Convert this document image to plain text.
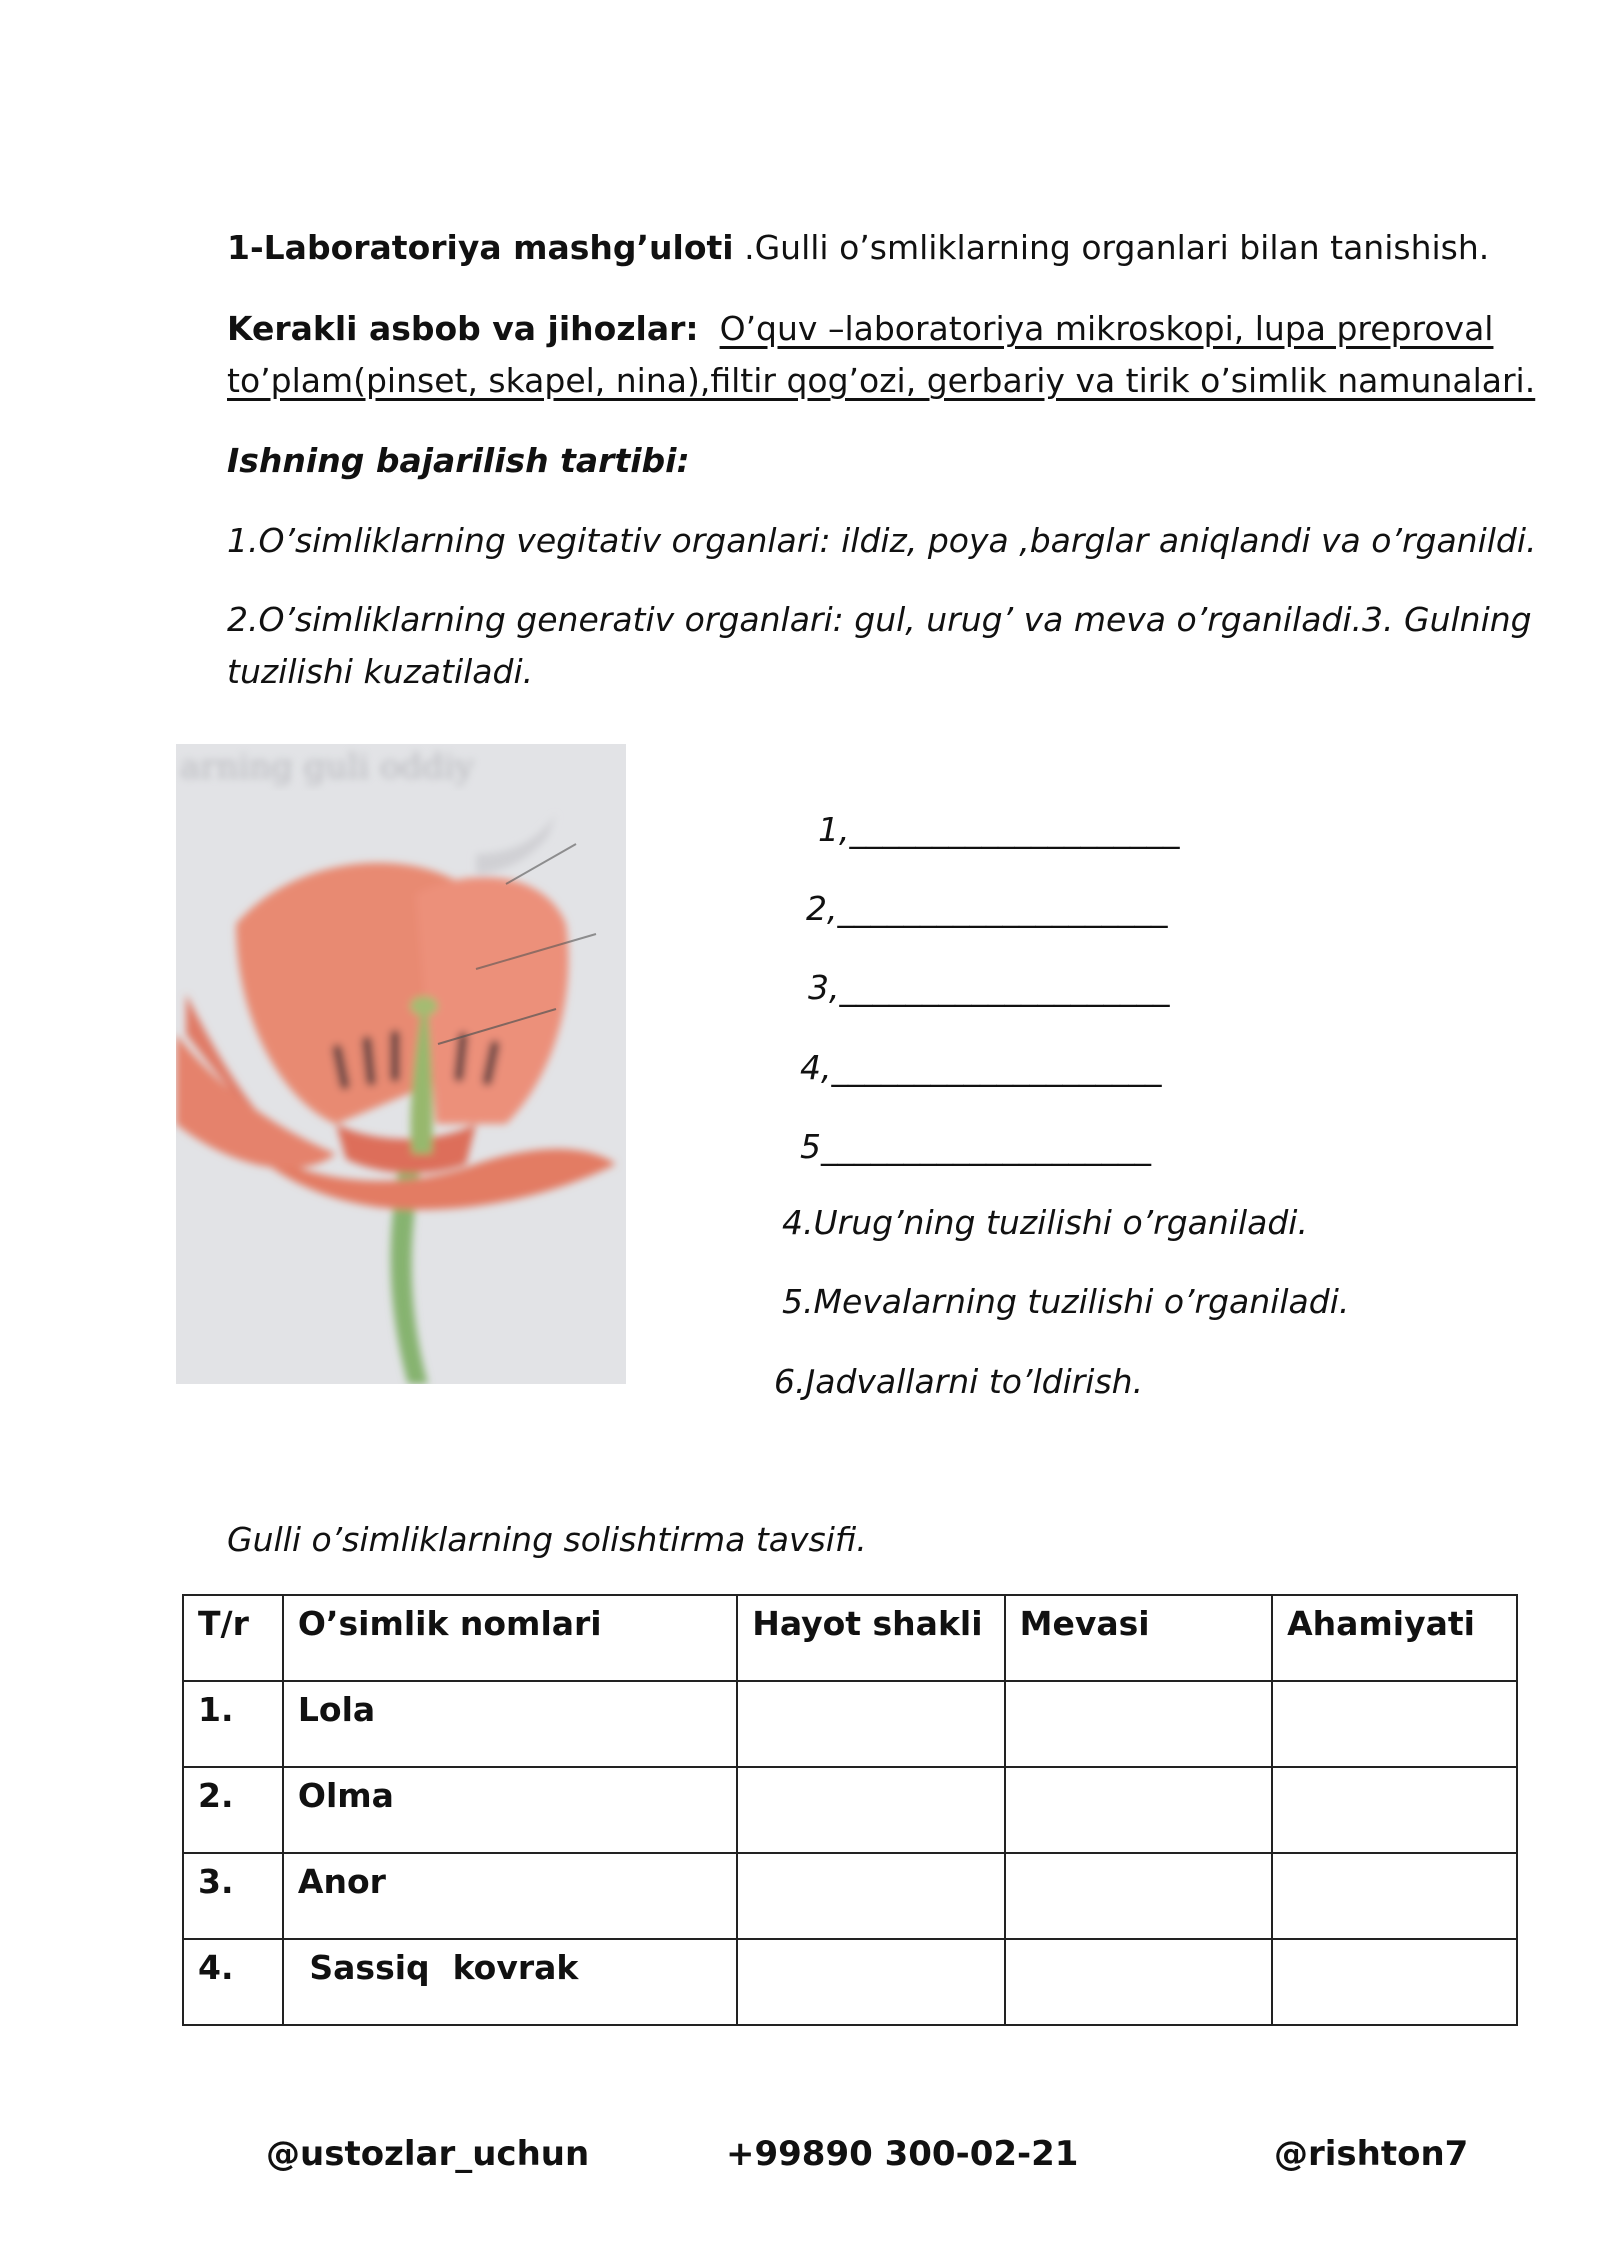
1-Laboratoriya mashg’uloti .Gulli o’smliklarning organlari bilan tanishish.
Kerakli asbob va jihozlar: O’quv –laboratoriya mikroskopi, lupa preproval
to’plam(pinset, skapel, nina),filtir qog’ozi, gerbariy va tirik o’simlik namunalari.
Ishning bajarilish tartibi:
1.O’simliklarning vegitativ organlari: ildiz, poya ,barglar aniqlandi va o’rganildi.
2.O’simliklarning generativ organlari: gul, urug’ va meva o’rganiladi.3. Gulning
tuzilishi kuzatiladi.
arning guli oddiy
1,____________________
2,____________________
3,____________________
4,____________________
5____________________
4.Urug’ning tuzilishi o’rganiladi.
5.Mevalarning tuzilishi o’rganiladi.
6.Jadvallarni to’ldirish.
Gulli o’simliklarning solishtirma tavsifi.
T/r	O’simlik nomlari	Hayot shakli	Mevasi	Ahamiyati
1.	Lola			
2.	Olma			
3.	Anor			
4.	Sassiq  kovrak			
@ustozlar_uchun	+99890 300-02-21	@rishton7
